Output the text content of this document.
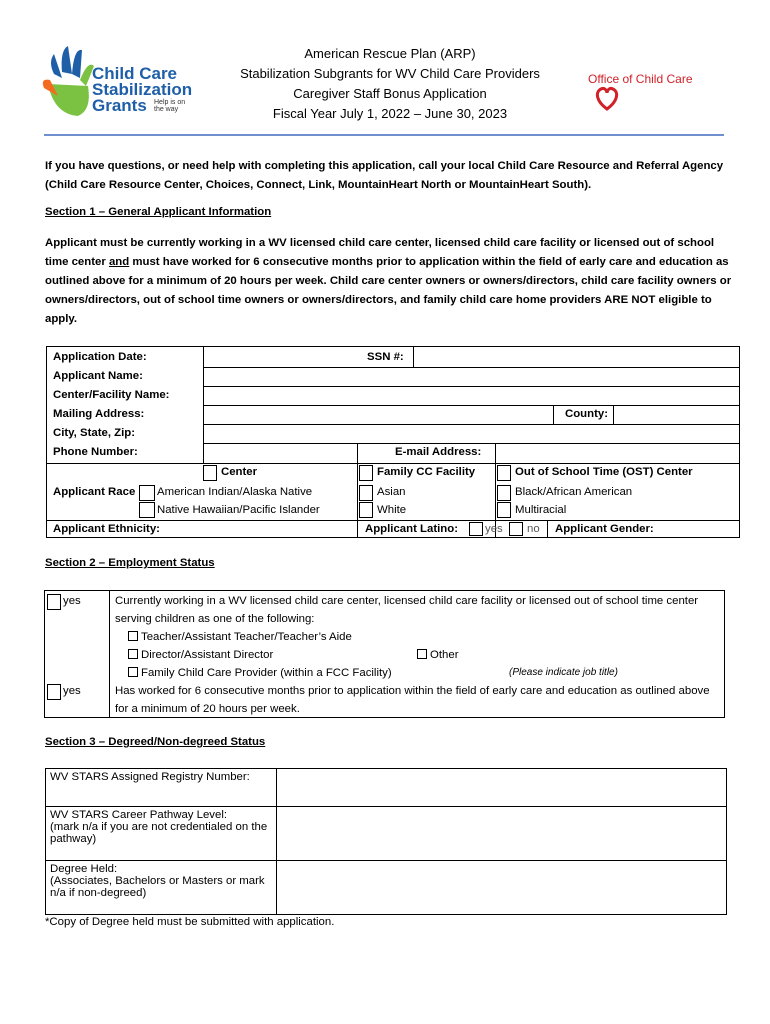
Child Care
Stabilization
Grants Help is on
the way
American Rescue Plan (ARP)
Stabilization Subgrants for WV Child Care Providers
Caregiver Staff Bonus Application
Fiscal Year July 1, 2022 – June 30, 2023
Office of Child Care
If you have questions, or need help with completing this application, call your local Child Care Resource and Referral Agency (Child Care Resource Center, Choices, Connect, Link, MountainHeart North or MountainHeart South).
Section 1 – General Applicant Information
Applicant must be currently working in a WV licensed child care center, licensed child care facility or licensed out of school time center and must have worked for 6 consecutive months prior to application within the field of early care and education as outlined above for a minimum of 20 hours per week. Child care center owners or owners/directors, child care facility owners or owners/directors, out of school time owners or owners/directors, and family child care home providers ARE NOT eligible to apply.
Application Date:	SSN #:
Applicant Name:
Center/Facility Name:
Mailing Address:	County:
City, State, Zip:
Phone Number:	E-mail Address:
Center	Family CC Facility	Out of School Time (OST) Center
Applicant Race American Indian/Alaska Native	Asian	Black/African American
Native Hawaiian/Pacific Islander	White	Multiracial
Applicant Ethnicity:	Applicant Latino: yes no Applicant Gender:
Section 2 – Employment Status
yes	Currently working in a WV licensed child care center, licensed child care facility or licensed out of school time center serving children as one of the following:
Teacher/Assistant Teacher/Teacher’s Aide
Director/Assistant Director	Other
Family Child Care Provider (within a FCC Facility)	(Please indicate job title)
yes	Has worked for 6 consecutive months prior to application within the field of early care and education as outlined above for a minimum of 20 hours per week.
Section 3 – Degreed/Non-degreed Status
WV STARS Assigned Registry Number:	

WV STARS Career Pathway Level:
(mark n/a if you are not credentialed on the pathway)	

Degree Held:
(Associates, Bachelors or Masters or mark n/a if non-degreed)	

*Copy of Degree held must be submitted with application.
